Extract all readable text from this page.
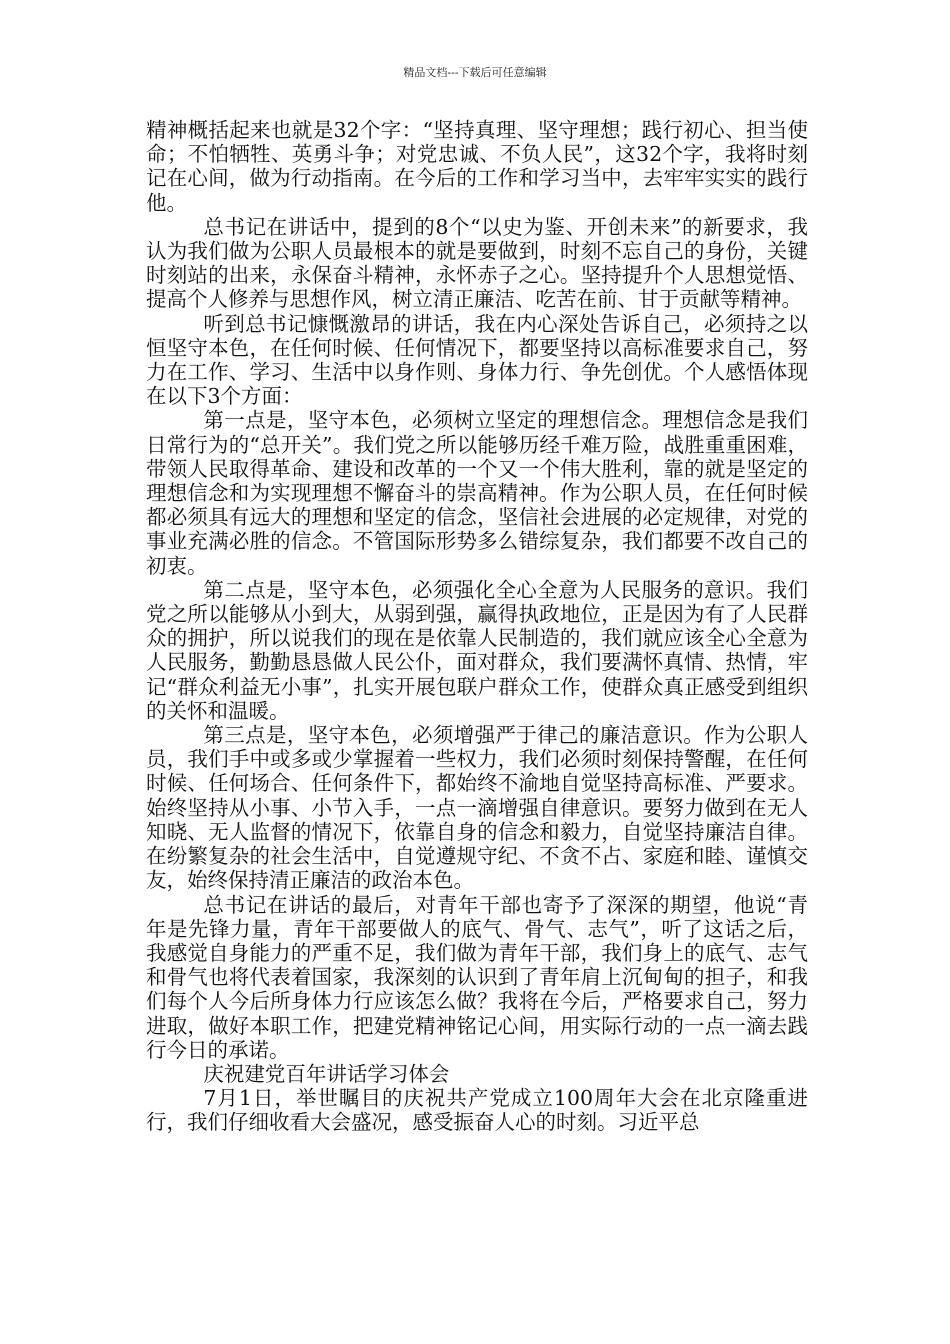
精品文档---下载后可任意编辑

精神概括起来也就是32个字：“坚持真理、坚守理想；践行初心、担当使命；不怕牺牲、英勇斗争；对党忠诚、不负人民”，这32个字，我将时刻记在心间，做为行动指南。在今后的工作和学习当中，去牢牢实实的践行他。

总书记在讲话中，提到的8个“以史为鉴、开创未来”的新要求，我认为我们做为公职人员最根本的就是要做到，时刻不忘自己的身份，关键时刻站的出来，永保奋斗精神，永怀赤子之心。坚持提升个人思想觉悟、提高个人修养与思想作风，树立清正廉洁、吃苦在前、甘于贡献等精神。

听到总书记慷慨激昂的讲话，我在内心深处告诉自己，必须持之以恒坚守本色，在任何时候、任何情况下，都要坚持以高标准要求自己，努力在工作、学习、生活中以身作则、身体力行、争先创优。个人感悟体现在以下3个方面：

第一点是，坚守本色，必须树立坚定的理想信念。理想信念是我们日常行为的“总开关”。我们党之所以能够历经千难万险，战胜重重困难，带领人民取得革命、建设和改革的一个又一个伟大胜利，靠的就是坚定的理想信念和为实现理想不懈奋斗的崇高精神。作为公职人员，在任何时候都必须具有远大的理想和坚定的信念，坚信社会进展的必定规律，对党的事业充满必胜的信念。不管国际形势多么错综复杂，我们都要不改自己的初衷。

第二点是，坚守本色，必须强化全心全意为人民服务的意识。我们党之所以能够从小到大，从弱到强，赢得执政地位，正是因为有了人民群众的拥护，所以说我们的现在是依靠人民制造的，我们就应该全心全意为人民服务，勤勤恳恳做人民公仆，面对群众，我们要满怀真情、热情，牢记“群众利益无小事”，扎实开展包联户群众工作，使群众真正感受到组织的关怀和温暖。

第三点是，坚守本色，必须增强严于律己的廉洁意识。作为公职人员，我们手中或多或少掌握着一些权力，我们必须时刻保持警醒，在任何时候、任何场合、任何条件下，都始终不渝地自觉坚持高标准、严要求。始终坚持从小事、小节入手，一点一滴增强自律意识。要努力做到在无人知晓、无人监督的情况下，依靠自身的信念和毅力，自觉坚持廉洁自律。在纷繁复杂的社会生活中，自觉遵规守纪、不贪不占、家庭和睦、谨慎交友，始终保持清正廉洁的政治本色。

总书记在讲话的最后，对青年干部也寄予了深深的期望，他说“青年是先锋力量，青年干部要做人的底气、骨气、志气”，听了这话之后，我感觉自身能力的严重不足，我们做为青年干部，我们身上的底气、志气和骨气也将代表着国家，我深刻的认识到了青年肩上沉甸甸的担子，和我们每个人今后所身体力行应该怎么做？我将在今后，严格要求自己，努力进取，做好本职工作，把建党精神铭记心间，用实际行动的一点一滴去践行今日的承诺。

庆祝建党百年讲话学习体会

7月1日，举世瞩目的庆祝共产党成立100周年大会在北京隆重进行，我们仔细收看大会盛况，感受振奋人心的时刻。习近平总
